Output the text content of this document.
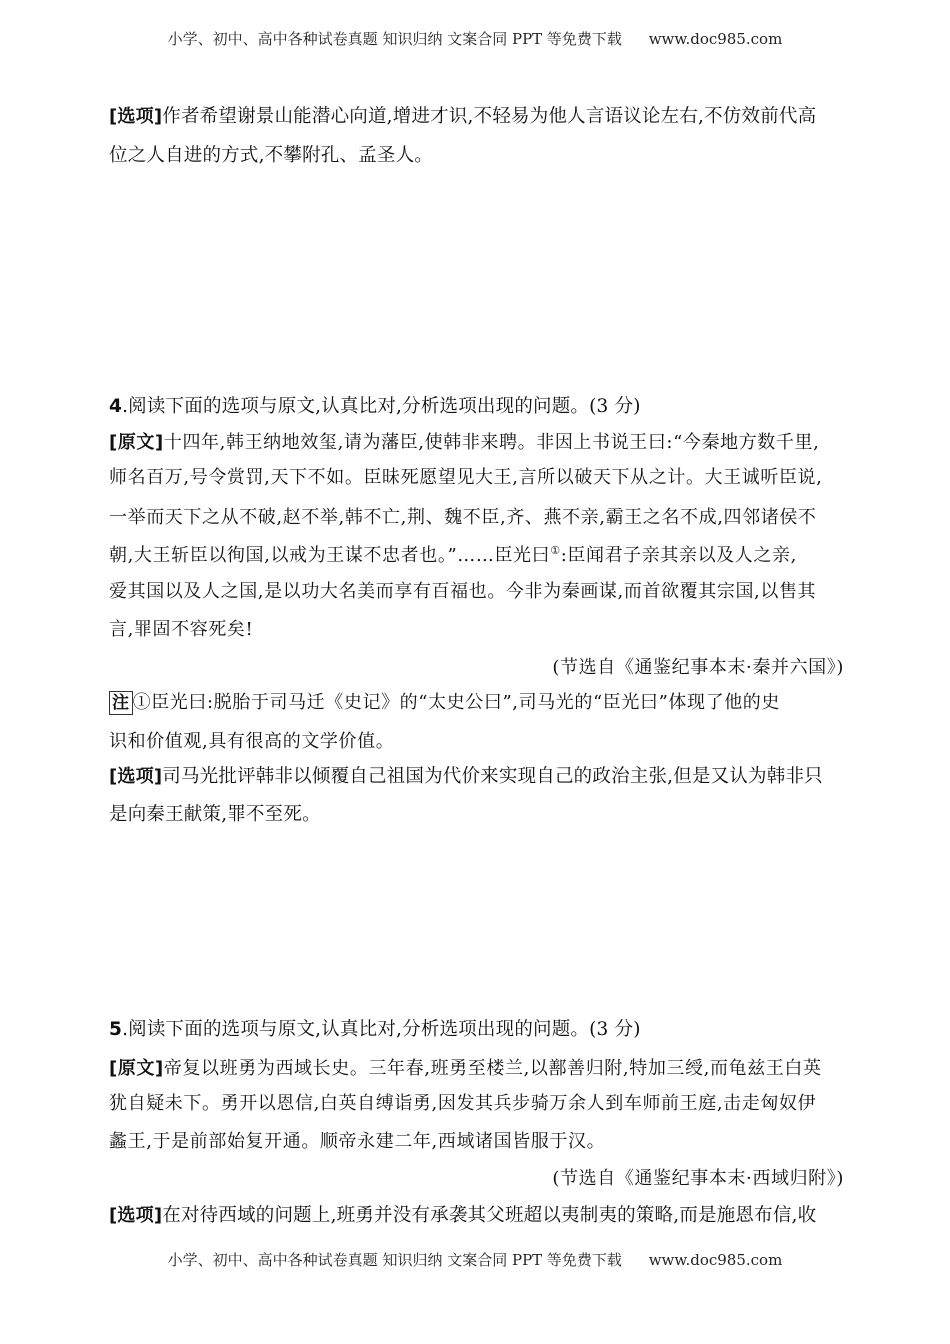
小学、初中、高中各种试卷真题 知识归纳 文案合同 PPT 等免费下载 www.doc985.com
[选项]作者希望谢景山能潜心向道,增进才识,不轻易为他人言语议论左右,不仿效前代高
位之人自进的方式,不攀附孔、孟圣人。
4.阅读下面的选项与原文,认真比对,分析选项出现的问题。(3 分)
[原文]十四年,韩王纳地效玺,请为藩臣,使韩非来聘。非因上书说王曰:“今秦地方数千里,
师名百万,号令赏罚,天下不如。臣昧死愿望见大王,言所以破天下从之计。大王诚听臣说,
一举而天下之从不破,赵不举,韩不亡,荆、魏不臣,齐、燕不亲,霸王之名不成,四邻诸侯不
朝,大王斩臣以徇国,以戒为王谋不忠者也。”……臣光曰①:臣闻君子亲其亲以及人之亲,
爱其国以及人之国,是以功大名美而享有百福也。今非为秦画谋,而首欲覆其宗国,以售其
言,罪固不容死矣!
(节选自《通鉴纪事本末·秦并六国》)
注 ①臣光曰:脱胎于司马迁《史记》的“太史公曰”,司马光的“臣光曰”体现了他的史
识和价值观,具有很高的文学价值。
[选项]司马光批评韩非以倾覆自己祖国为代价来实现自己的政治主张,但是又认为韩非只
是向秦王献策,罪不至死。
5.阅读下面的选项与原文,认真比对,分析选项出现的问题。(3 分)
[原文]帝复以班勇为西域长史。三年春,班勇至楼兰,以鄯善归附,特加三绶,而龟兹王白英
犹自疑未下。勇开以恩信,白英自缚诣勇,因发其兵步骑万余人到车师前王庭,击走匈奴伊
蠡王,于是前部始复开通。顺帝永建二年,西域诸国皆服于汉。
(节选自《通鉴纪事本末·西域归附》)
[选项]在对待西域的问题上,班勇并没有承袭其父班超以夷制夷的策略,而是施恩布信,收
小学、初中、高中各种试卷真题 知识归纳 文案合同 PPT 等免费下载 www.doc985.com
